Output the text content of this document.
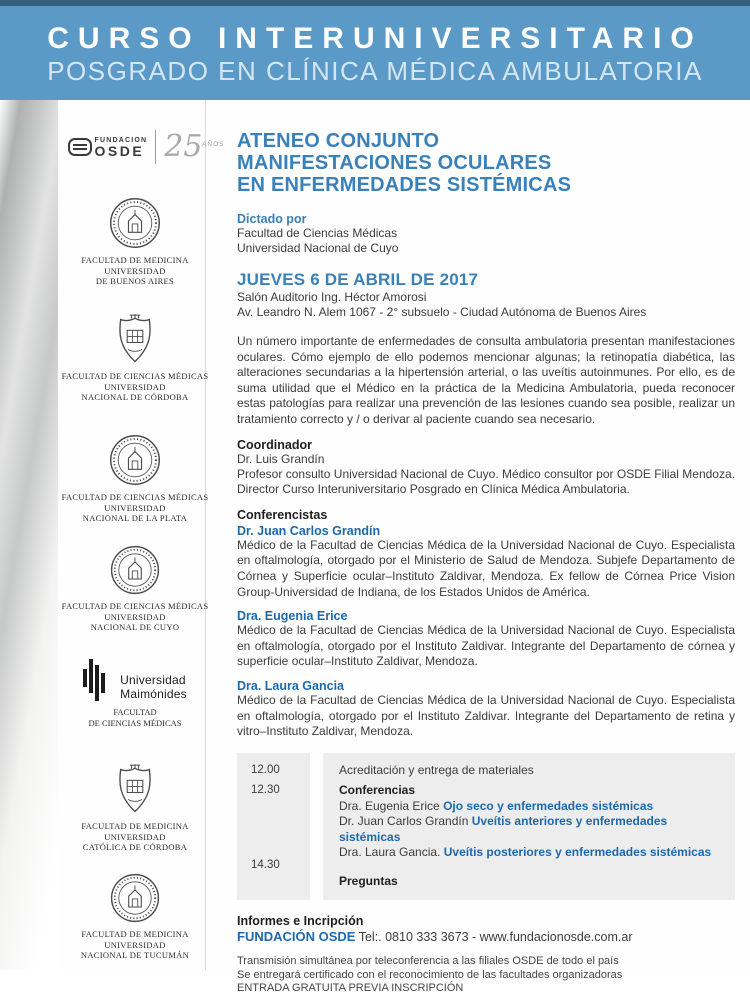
CURSO INTERUNIVERSITARIO
POSGRADO EN CLÍNICA MÉDICA AMBULATORIA
FUNDACION
OSDE 25 AÑOS
FACULTAD DE MEDICINA
UNIVERSIDAD
DE BUENOS AIRES
FACULTAD DE CIENCIAS MÉDICAS
UNIVERSIDAD
NACIONAL DE CÓRDOBA
FACULTAD DE CIENCIAS MÉDICAS
UNIVERSIDAD
NACIONAL DE LA PLATA
FACULTAD DE CIENCIAS MÉDICAS
UNIVERSIDAD
NACIONAL DE CUYO
Universidad
Maimónides
FACULTAD
DE CIENCIAS MÉDICAS
FACULTAD DE MEDICINA
UNIVERSIDAD
CATÓLICA DE CÓRDOBA
FACULTAD DE MEDICINA
UNIVERSIDAD
NACIONAL DE TUCUMÁN
ATENEO CONJUNTO
MANIFESTACIONES OCULARES
EN ENFERMEDADES SISTÉMICAS
Dictado por
Facultad de Ciencias Médicas
Universidad Nacional de Cuyo
JUEVES 6 DE ABRIL DE 2017
Salón Auditorio Ing. Héctor Amorosi
Av. Leandro N. Alem 1067 - 2° subsuelo - Ciudad Autónoma de Buenos Aires
Un número importante de enfermedades de consulta ambulatoria presentan manifestaciones oculares. Cómo ejemplo de ello podemos mencionar algunas; la retinopatía diabética, las alteraciones secundarias a la hipertensión arterial, o las uveítis autoinmunes. Por ello, es de suma utilidad que el Médico en la práctica de la Medicina Ambulatoria, pueda reconocer estas patologías para realizar una prevención de las lesiones cuando sea posible, realizar un tratamiento correcto y / o derivar al paciente cuando sea necesario.
Coordinador
Dr. Luis Grandín
Profesor consulto Universidad Nacional de Cuyo. Médico consultor por OSDE Filial Mendoza. Director Curso Interuniversitario Posgrado en Clínica Médica Ambulatoria.
Conferencistas
Dr. Juan Carlos Grandín
Médico de la Facultad de Ciencias Médica de la Universidad Nacional de Cuyo. Especialista en oftalmología, otorgado por el Ministerio de Salud de Mendoza. Subjefe Departamento de Córnea y Superficie ocular–Instituto Zaldivar, Mendoza. Ex fellow de Córnea Price Vision Group-Universidad de Indiana, de los Estados Unidos de América.
Dra. Eugenia Erice
Médico de la Facultad de Ciencias Médica de la Universidad Nacional de Cuyo. Especialista en oftalmología, otorgado por el Instituto Zaldivar. Integrante del Departamento de córnea y superficie ocular–Instituto Zaldivar, Mendoza.
Dra. Laura Gancia
Médico de la Facultad de Ciencias Médica de la Universidad Nacional de Cuyo. Especialista en oftalmología, otorgado por el Instituto Zaldivar. Integrante del Departamento de retina y vitro–Instituto Zaldivar, Mendoza.
12.00
12.30
14.30
Acreditación y entrega de materiales
Conferencias
Dra. Eugenia Erice Ojo seco y enfermedades sistémicas
Dr. Juan Carlos Grandín Uveítis anteriores y enfermedades sistémicas
Dra. Laura Gancia. Uveítis posteriores y enfermedades sistémicas
Preguntas
Informes e Incripción
FUNDACIÓN OSDE Tel:. 0810 333 3673 - www.fundacionosde.com.ar
Transmisión simultánea por teleconferencia a las filiales OSDE de todo el país
Se entregará certificado con el reconocimiento de las facultades organizadoras
ENTRADA GRATUITA PREVIA INSCRIPCIÓN
